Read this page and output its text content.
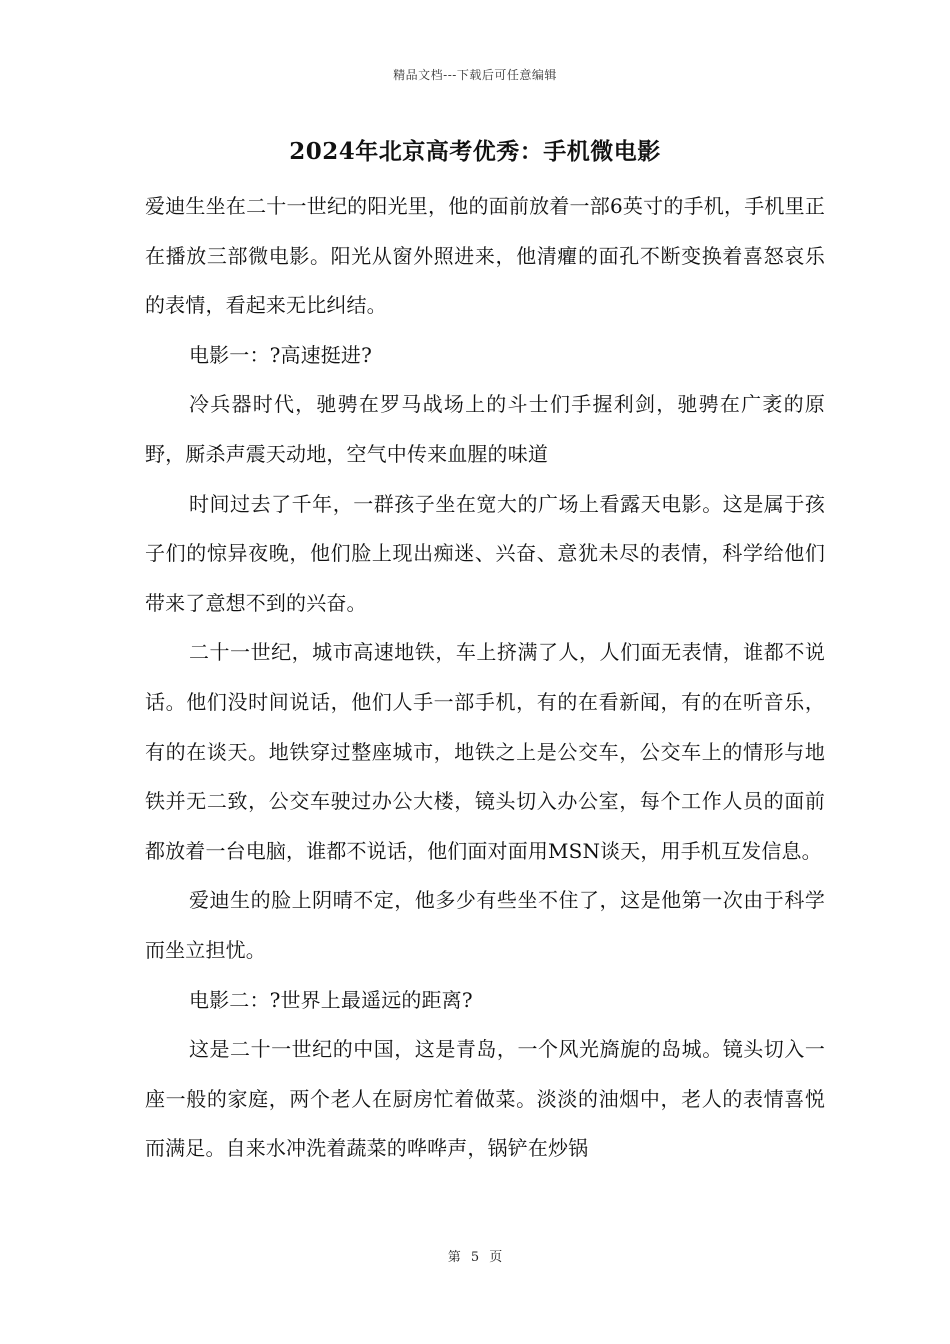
精品文档---下载后可任意编辑
2024年北京高考优秀：手机微电影

爱迪生坐在二十一世纪的阳光里，他的面前放着一部6英寸的手机，手机里正在播放三部微电影。阳光从窗外照进来，他清癯的面孔不断变换着喜怒哀乐的表情，看起来无比纠结。

电影一：?高速挺进?

冷兵器时代，驰骋在罗马战场上的斗士们手握利剑，驰骋在广袤的原野，厮杀声震天动地，空气中传来血腥的味道

时间过去了千年，一群孩子坐在宽大的广场上看露天电影。这是属于孩子们的惊异夜晚，他们脸上现出痴迷、兴奋、意犹未尽的表情，科学给他们带来了意想不到的兴奋。

二十一世纪，城市高速地铁，车上挤满了人，人们面无表情，谁都不说话。他们没时间说话，他们人手一部手机，有的在看新闻，有的在听音乐，有的在谈天。地铁穿过整座城市，地铁之上是公交车，公交车上的情形与地铁并无二致，公交车驶过办公大楼，镜头切入办公室，每个工作人员的面前都放着一台电脑，谁都不说话，他们面对面用MSN谈天，用手机互发信息。

爱迪生的脸上阴晴不定，他多少有些坐不住了，这是他第一次由于科学而坐立担忧。

电影二：?世界上最遥远的距离?

这是二十一世纪的中国，这是青岛，一个风光旖旎的岛城。镜头切入一座一般的家庭，两个老人在厨房忙着做菜。淡淡的油烟中，老人的表情喜悦而满足。自来水冲洗着蔬菜的哗哗声，锅铲在炒锅

第 5 页
